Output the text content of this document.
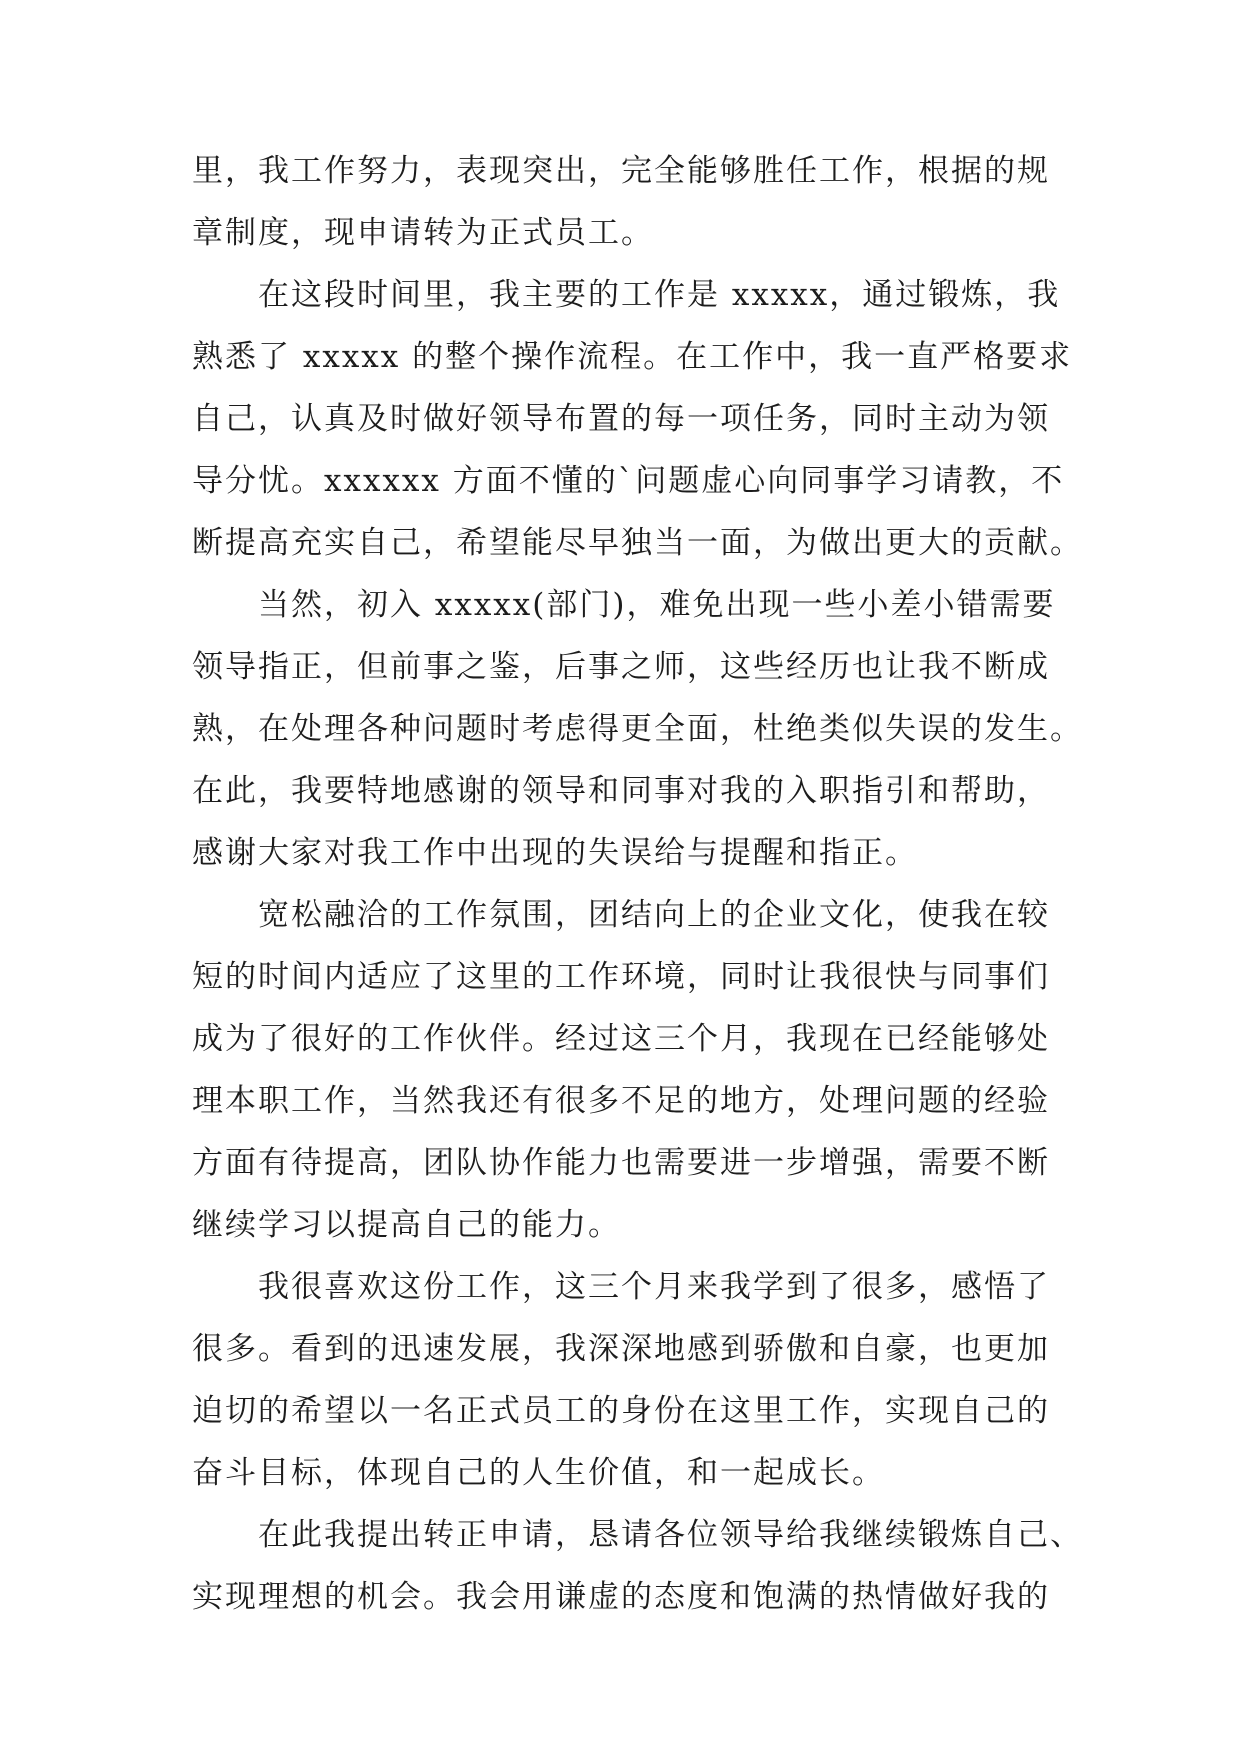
里，我工作努力，表现突出，完全能够胜任工作，根据的规
章制度，现申请转为正式员工。
在这段时间里，我主要的工作是 xxxxx，通过锻炼，我
熟悉了 xxxxx 的整个操作流程。在工作中，我一直严格要求
自己，认真及时做好领导布置的每一项任务，同时主动为领
导分忧。xxxxxx 方面不懂的`问题虚心向同事学习请教，不
断提高充实自己，希望能尽早独当一面，为做出更大的贡献。
当然，初入 xxxxx(部门)，难免出现一些小差小错需要
领导指正，但前事之鉴，后事之师，这些经历也让我不断成
熟，在处理各种问题时考虑得更全面，杜绝类似失误的发生。
在此，我要特地感谢的领导和同事对我的入职指引和帮助，
感谢大家对我工作中出现的失误给与提醒和指正。
宽松融洽的工作氛围，团结向上的企业文化，使我在较
短的时间内适应了这里的工作环境，同时让我很快与同事们
成为了很好的工作伙伴。经过这三个月，我现在已经能够处
理本职工作，当然我还有很多不足的地方，处理问题的经验
方面有待提高，团队协作能力也需要进一步增强，需要不断
继续学习以提高自己的能力。
我很喜欢这份工作，这三个月来我学到了很多，感悟了
很多。看到的迅速发展，我深深地感到骄傲和自豪，也更加
迫切的希望以一名正式员工的身份在这里工作，实现自己的
奋斗目标，体现自己的人生价值，和一起成长。
在此我提出转正申请，恳请各位领导给我继续锻炼自己、
实现理想的机会。我会用谦虚的态度和饱满的热情做好我的
